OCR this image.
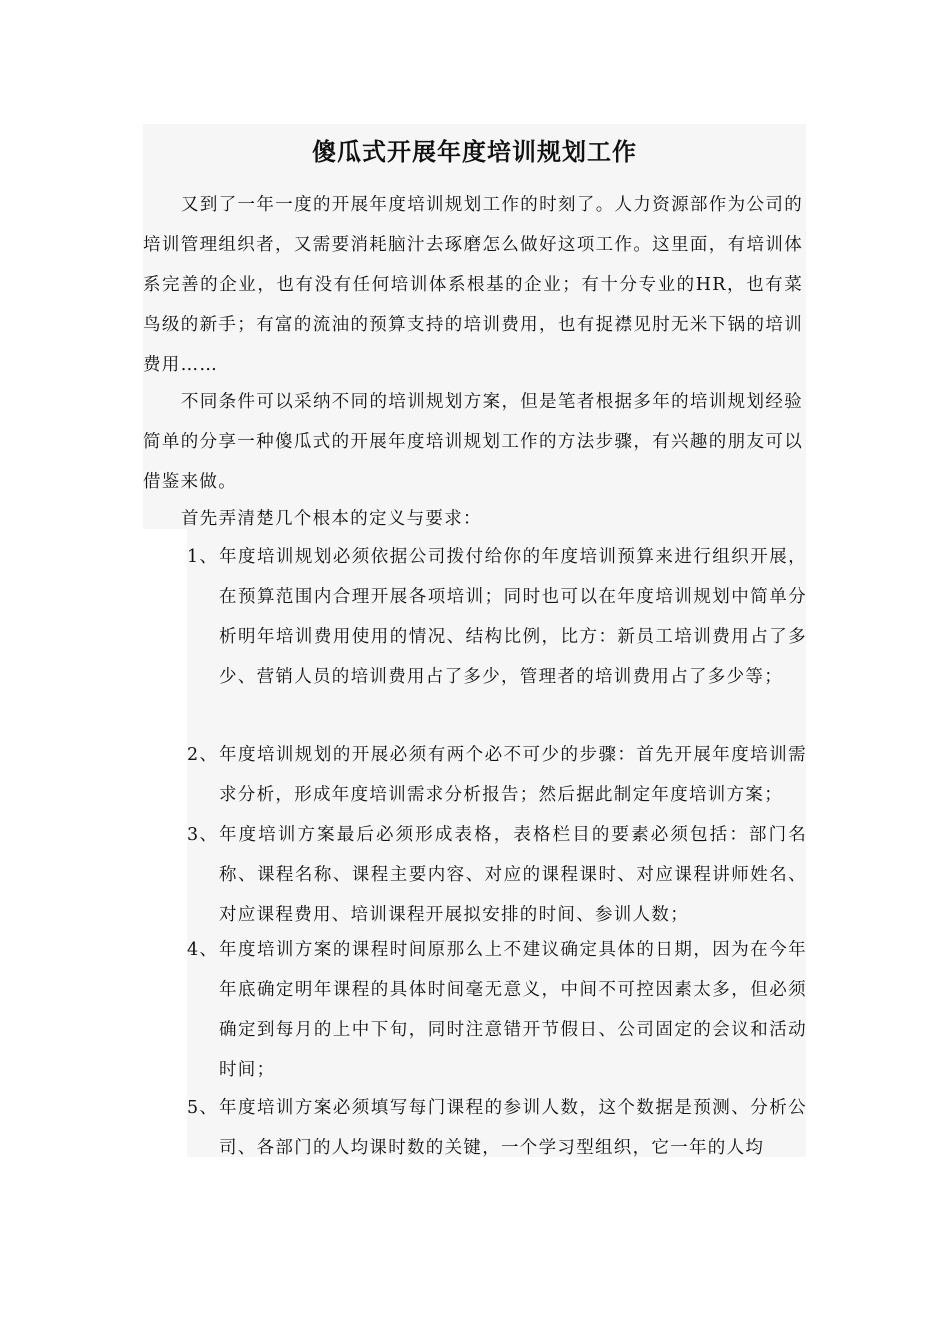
傻瓜式开展年度培训规划工作

又到了一年一度的开展年度培训规划工作的时刻了。人力资源部作为公司的培训管理组织者，又需要消耗脑汁去琢磨怎么做好这项工作。这里面，有培训体系完善的企业，也有没有任何培训体系根基的企业；有十分专业的HR，也有菜鸟级的新手；有富的流油的预算支持的培训费用，也有捉襟见肘无米下锅的培训费用……

不同条件可以采纳不同的培训规划方案，但是笔者根据多年的培训规划经验简单的分享一种傻瓜式的开展年度培训规划工作的方法步骤，有兴趣的朋友可以借鉴来做。

首先弄清楚几个根本的定义与要求：

1、 年度培训规划必须依据公司拨付给你的年度培训预算来进行组织开展，在预算范围内合理开展各项培训；同时也可以在年度培训规划中简单分析明年培训费用使用的情况、结构比例，比方：新员工培训费用占了多少、营销人员的培训费用占了多少，管理者的培训费用占了多少等；
2、 年度培训规划的开展必须有两个必不可少的步骤：首先开展年度培训需求分析，形成年度培训需求分析报告；然后据此制定年度培训方案；
3、 年度培训方案最后必须形成表格，表格栏目的要素必须包括：部门名称、课程名称、课程主要内容、对应的课程课时、对应课程讲师姓名、对应课程费用、培训课程开展拟安排的时间、参训人数；
4、 年度培训方案的课程时间原那么上不建议确定具体的日期，因为在今年年底确定明年课程的具体时间毫无意义，中间不可控因素太多，但必须确定到每月的上中下旬，同时注意错开节假日、公司固定的会议和活动时间；
5、 年度培训方案必须填写每门课程的参训人数，这个数据是预测、分析公司、各部门的人均课时数的关键，一个学习型组织，它一年的人均
